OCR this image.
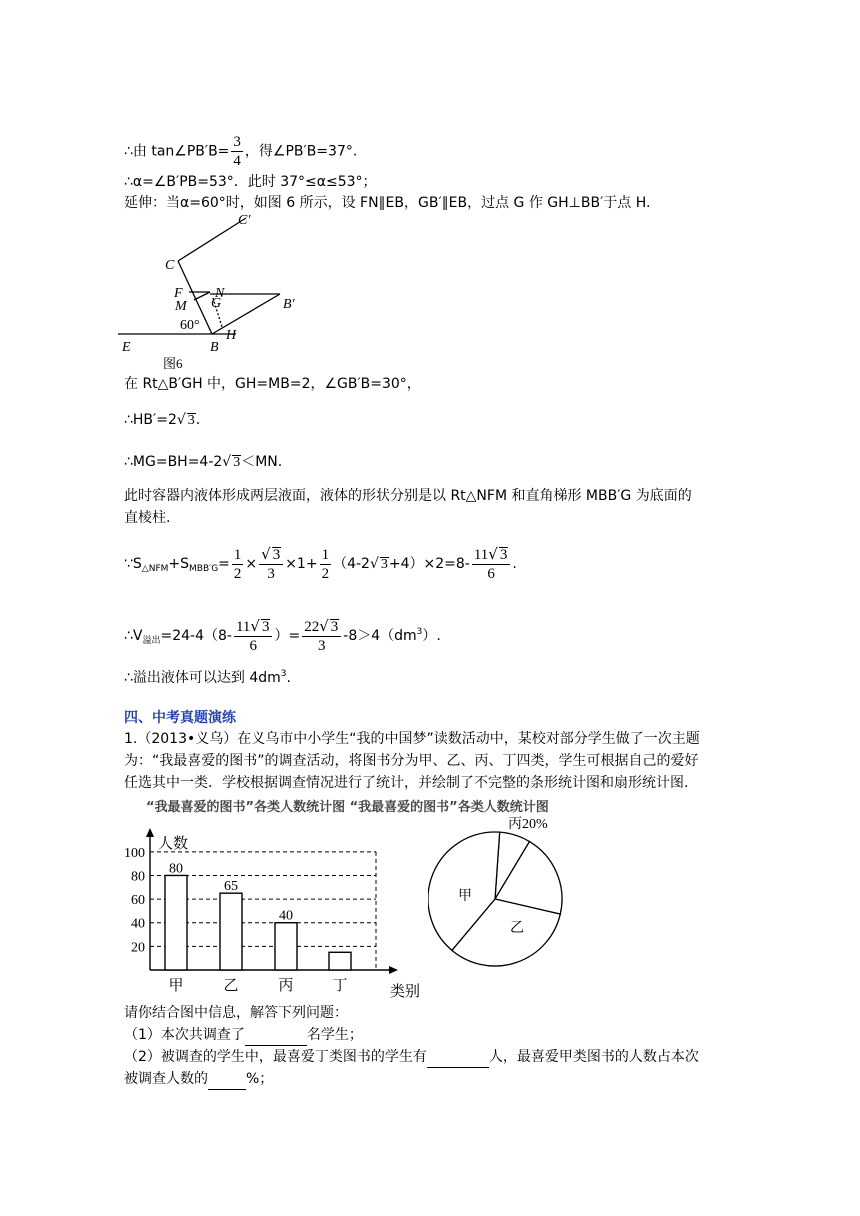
∴由 tan∠PB′B= $\frac{3}{4}$ ，得∠PB′B=37°.
∴α=∠B′PB=53°．此时 37°≤α≤53°；
延伸：当α=60°时，如图 6 所示，设 FN∥EB，GB′∥EB，过点 G 作 GH⊥BB′于点 H.
C′
C
F N
M G	B′
60°
H
E	B
图6
在 Rt△B′GH 中，GH=MB=2，∠GB′B=30°，
∴HB′=2√ 3.
∴MG=BH=4-2√ 3＜MN.
此时容器内液体形成两层液面，液体的形状分别是以 Rt△NFM 和直角梯形 MBB′G 为底面的
直棱柱.
$\because S_{\triangle NFM}+S_{MBB'G}= \frac{1}{2} \times \frac{√ 3}{3} \times 1+ \frac{1}{2} (4-2√$ $3+4)\times 2=8- \frac{11√ 3}{6}$ .
$\therefore V_{溢出}=24-4(8- \frac{11√ 3}{6}$ ）= $\frac{22√ 3}{3} -8>4(dm^3)$.
∴溢出液体可以达到 $4dm^3$.
四、中考真题演练
1.（2013•义乌）在义乌市中小学生“我的中国梦”读数活动中，某校对部分学生做了一次主题
为：“我最喜爱的图书”的调查活动，将图书分为甲、乙、丙、丁四类，学生可根据自己的爱好
任选其中一类．学校根据调查情况进行了统计，并绘制了不完整的条形统计图和扇形统计图.
“我最喜爱的图书”各类人数统计图 “我最喜爱的图书”各类人数统计图
20
40
60
80
100
人数
类别
80
甲
65
乙
40
丙	丁
丙20%
甲
乙
请你结合图中信息，解答下列问题：
（1）本次共调查了	名学生；
（2）被调查的学生中，最喜爱丁类图书的学生有	人，最喜爱甲类图书的人数占本次
被调查人数的	%；
